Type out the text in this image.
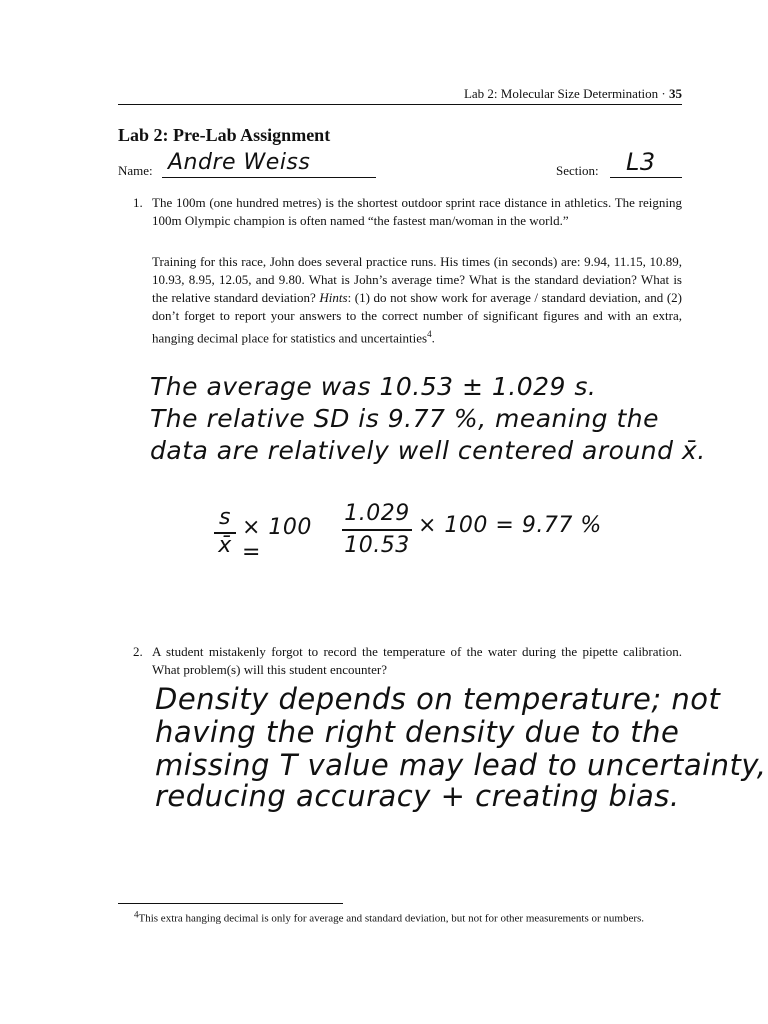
Lab 2: Molecular Size Determination · 35
Lab 2: Pre-Lab Assignment
Name: Andre Weiss	Section: L3
1. The 100m (one hundred metres) is the shortest outdoor sprint race distance in athletics. The reigning 100m Olympic champion is often named “the fastest man/woman in the world.”
Training for this race, John does several practice runs. His times (in seconds) are: 9.94, 11.15, 10.89, 10.93, 8.95, 12.05, and 9.80. What is John’s average time? What is the standard deviation? What is the relative standard deviation? Hints: (1) do not show work for average / standard deviation, and (2) don’t forget to report your answers to the correct number of significant figures and with an extra, hanging decimal place for statistics and uncertainties$^4$.
The average was 10.53 ± 1.029 s.
The relative SD is 9.77 %, meaning the
data are relatively well centered around x̄.
s
x̄
× 100 =
1.029
10.53
× 100 = 9.77 %
2. A student mistakenly forgot to record the temperature of the water during the pipette calibration. What problem(s) will this student encounter?
Density depends on temperature; not
having the right density due to the
missing T value may lead to uncertainty,
reducing accuracy + creating bias.
$^4$This extra hanging decimal is only for average and standard deviation, but not for other measurements or numbers.
